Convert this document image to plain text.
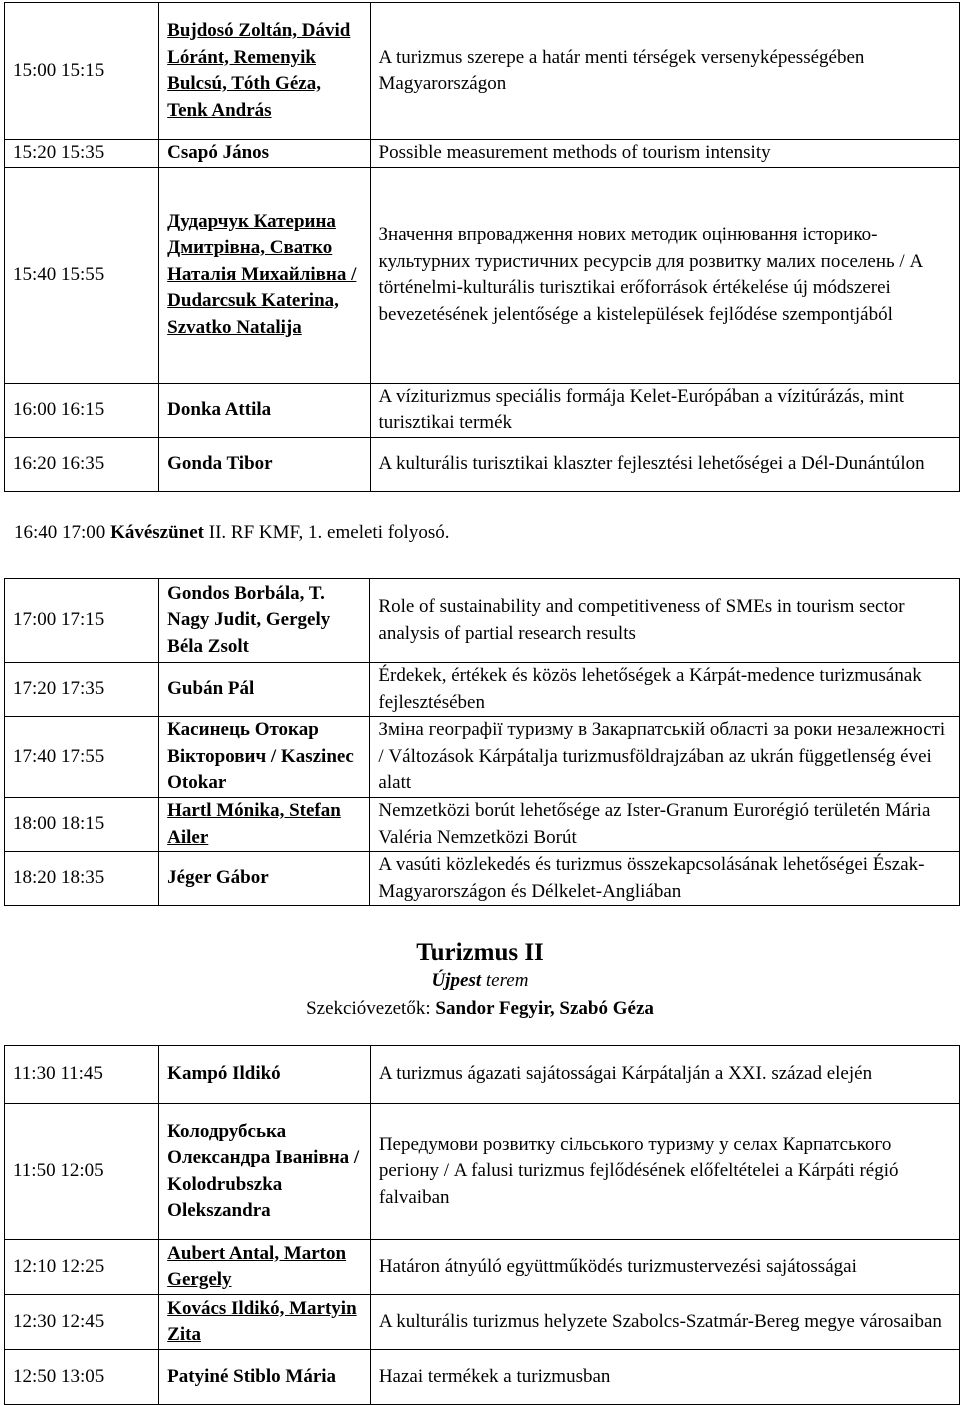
15:00 15:15	Bujdosó Zoltán, Dávid Lóránt, Remenyik Bulcsú, Tóth Géza, Tenk András	A turizmus szerepe a határ menti térségek versenyképességében Magyarországon
15:20 15:35	Csapó János	Possible measurement methods of tourism intensity
15:40 15:55	Дударчук Катерина Дмитрівна, Сватко Наталія Михайлівна / Dudarcsuk Katerina, Szvatko Natalija	Значення впровадження нових методик оцінювання історико-культурних туристичних ресурсів для розвитку малих поселень / A történelmi-kulturális turisztikai erőforrások értékelése új módszerei bevezetésének jelentősége a kistelepülések fejlődése szempontjából
16:00 16:15	Donka Attila	A víziturizmus speciális formája Kelet-Európában a vízitúrázás, mint turisztikai termék
16:20 16:35	Gonda Tibor	A kulturális turisztikai klaszter fejlesztési lehetőségei a Dél-Dunántúlon
16:40 17:00 Kávészünet II. RF KMF, 1. emeleti folyosó.
17:00 17:15	Gondos Borbála, T. Nagy Judit, Gergely Béla Zsolt	Role of sustainability and competitiveness of SMEs in tourism sector analysis of partial research results
17:20 17:35	Gubán Pál	Érdekek, értékek és közös lehetőségek a Kárpát-medence turizmusának fejlesztésében
17:40 17:55	Касинець Отокар Вікторович / Kaszinec Otokar	Зміна географії туризму в Закарпатській області за роки незалежності / Változások Kárpátalja turizmusföldrajzában az ukrán függetlenség évei alatt
18:00 18:15	Hartl Mónika, Stefan Ailer	Nemzetközi borút lehetősége az Ister-Granum Eurorégió területén Mária Valéria Nemzetközi Borút
18:20 18:35	Jéger Gábor	A vasúti közlekedés és turizmus összekapcsolásának lehetőségei Észak-Magyarországon és Délkelet-Angliában
Turizmus II
Újpest terem
Szekcióvezetők: Sandor Fegyir, Szabó Géza
11:30 11:45	Kampó Ildikó	A turizmus ágazati sajátosságai Kárpátalján a XXI. század elején
11:50 12:05	Колодрубська Олександра Іванівна / Kolodrubszka Olekszandra	Передумови розвитку сільського туризму у селах Карпатського регіону / A falusi turizmus fejlődésének előfeltételei a Kárpáti régió falvaiban
12:10 12:25	Aubert Antal, Marton Gergely	Határon átnyúló együttműködés turizmustervezési sajátosságai
12:30 12:45	Kovács Ildikó, Martyin Zita	A kulturális turizmus helyzete Szabolcs-Szatmár-Bereg megye városaiban
12:50 13:05	Patyiné Stiblo Mária	Hazai termékek a turizmusban
